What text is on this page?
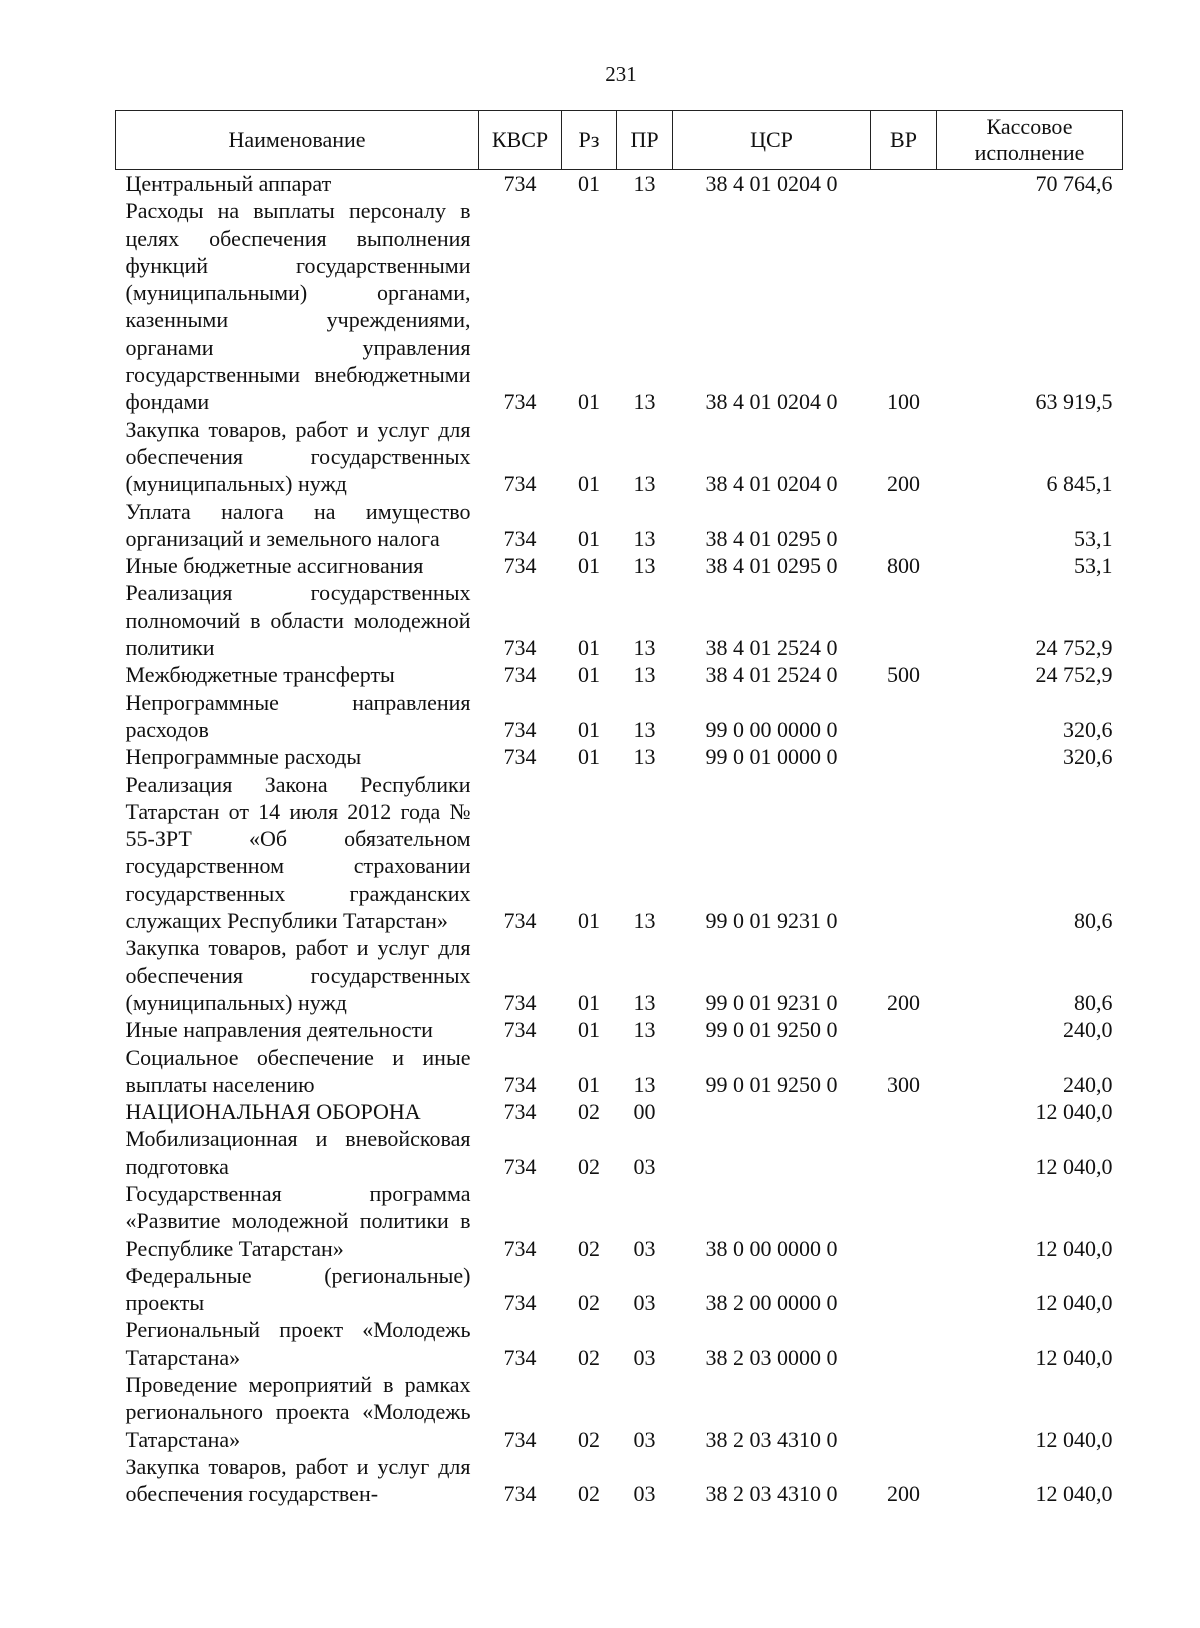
231
Наименование	КВСР	Рз	ПР	ЦСР	ВР	Кассовое исполнение
Центральный аппарат	734	01	13	38 4 01 0204 0		70 764,6
Расходы на выплаты персоналу в целях обеспечения выполнения функций государственными (муниципальными) органами, казенными учреждениями, органами управления государственными внебюджетными фондами	734	01	13	38 4 01 0204 0	100	63 919,5
Закупка товаров, работ и услуг для обеспечения государственных (муниципальных) нужд	734	01	13	38 4 01 0204 0	200	6 845,1
Уплата налога на имущество организаций и земельного налога	734	01	13	38 4 01 0295 0		53,1
Иные бюджетные ассигнования	734	01	13	38 4 01 0295 0	800	53,1
Реализация государственных полномочий в области молодежной политики	734	01	13	38 4 01 2524 0		24 752,9
Межбюджетные трансферты	734	01	13	38 4 01 2524 0	500	24 752,9
Непрограммные направления расходов	734	01	13	99 0 00 0000 0		320,6
Непрограммные расходы	734	01	13	99 0 01 0000 0		320,6
Реализация Закона Республики Татарстан от 14 июля 2012 года № 55-ЗРТ «Об обязательном государственном страховании государственных гражданских служащих Республики Татарстан»	734	01	13	99 0 01 9231 0		80,6
Закупка товаров, работ и услуг для обеспечения государственных (муниципальных) нужд	734	01	13	99 0 01 9231 0	200	80,6
Иные направления деятельности	734	01	13	99 0 01 9250 0		240,0
Социальное обеспечение и иные выплаты населению	734	01	13	99 0 01 9250 0	300	240,0
НАЦИОНАЛЬНАЯ ОБОРОНА	734	02	00			12 040,0
Мобилизационная и вневойсковая подготовка	734	02	03			12 040,0
Государственная программа «Развитие молодежной политики в Республике Татарстан»	734	02	03	38 0 00 0000 0		12 040,0
Федеральные (региональные) проекты	734	02	03	38 2 00 0000 0		12 040,0
Региональный проект «Молодежь Татарстана»	734	02	03	38 2 03 0000 0		12 040,0
Проведение мероприятий в рамках регионального проекта «Молодежь Татарстана»	734	02	03	38 2 03 4310 0		12 040,0
Закупка товаров, работ и услуг для обеспечения государствен-	734	02	03	38 2 03 4310 0	200	12 040,0
